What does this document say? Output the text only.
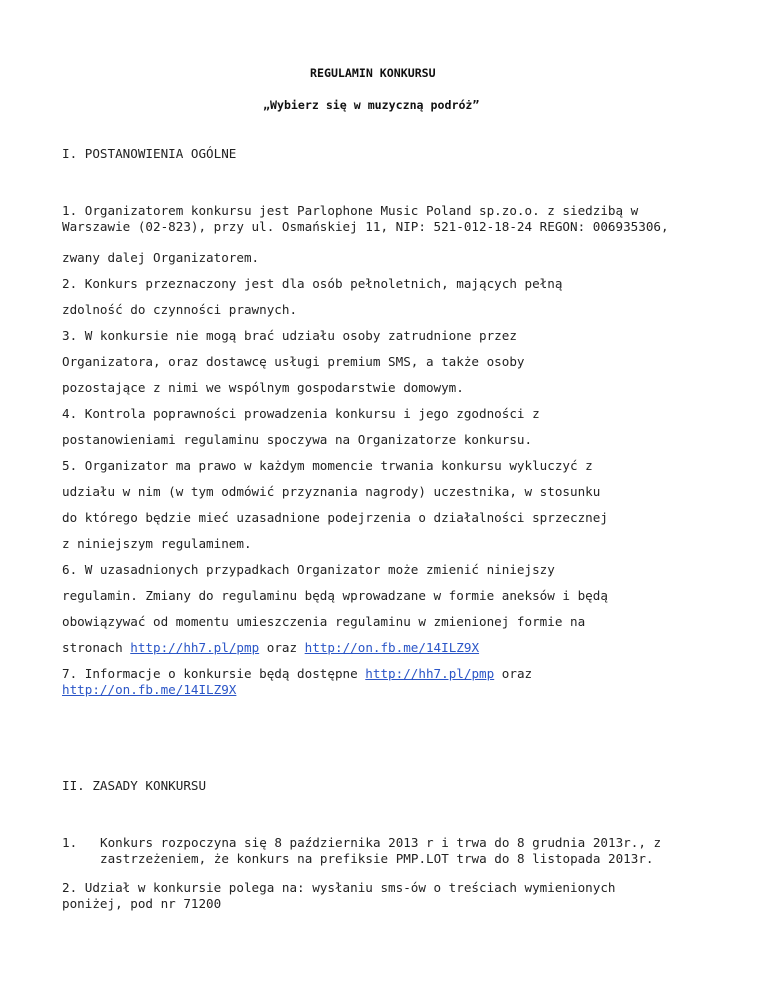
REGULAMIN KONKURSU
„Wybierz się w muzyczną podróż”
I. POSTANOWIENIA OGÓLNE
1. Organizatorem konkursu jest Parlophone Music Poland sp.zo.o. z siedzibą w
Warszawie (02-823), przy ul. Osmańskiej 11, NIP: 521-012-18-24 REGON: 006935306,
zwany dalej Organizatorem.
2. Konkurs przeznaczony jest dla osób pełnoletnich, mających pełną
zdolność do czynności prawnych.
3. W konkursie nie mogą brać udziału osoby zatrudnione przez
Organizatora, oraz dostawcę usługi premium SMS, a także osoby
pozostające z nimi we wspólnym gospodarstwie domowym.
4. Kontrola poprawności prowadzenia konkursu i jego zgodności z
postanowieniami regulaminu spoczywa na Organizatorze konkursu.
5. Organizator ma prawo w każdym momencie trwania konkursu wykluczyć z
udziału w nim (w tym odmówić przyznania nagrody) uczestnika, w stosunku
do którego będzie mieć uzasadnione podejrzenia o działalności sprzecznej
z niniejszym regulaminem.
6. W uzasadnionych przypadkach Organizator może zmienić niniejszy
regulamin. Zmiany do regulaminu będą wprowadzane w formie aneksów i będą
obowiązywać od momentu umieszczenia regulaminu w zmienionej formie na
stronach http://hh7.pl/pmp oraz http://on.fb.me/14ILZ9X
7. Informacje o konkursie będą dostępne http://hh7.pl/pmp oraz
http://on.fb.me/14ILZ9X
II. ZASADY KONKURSU
1. Konkurs rozpoczyna się 8 października 2013 r i trwa do 8 grudnia 2013r., z
zastrzeżeniem, że konkurs na prefiksie PMP.LOT trwa do 8 listopada 2013r.
2. Udział w konkursie polega na: wysłaniu sms-ów o treściach wymienionych
poniżej, pod nr 71200
